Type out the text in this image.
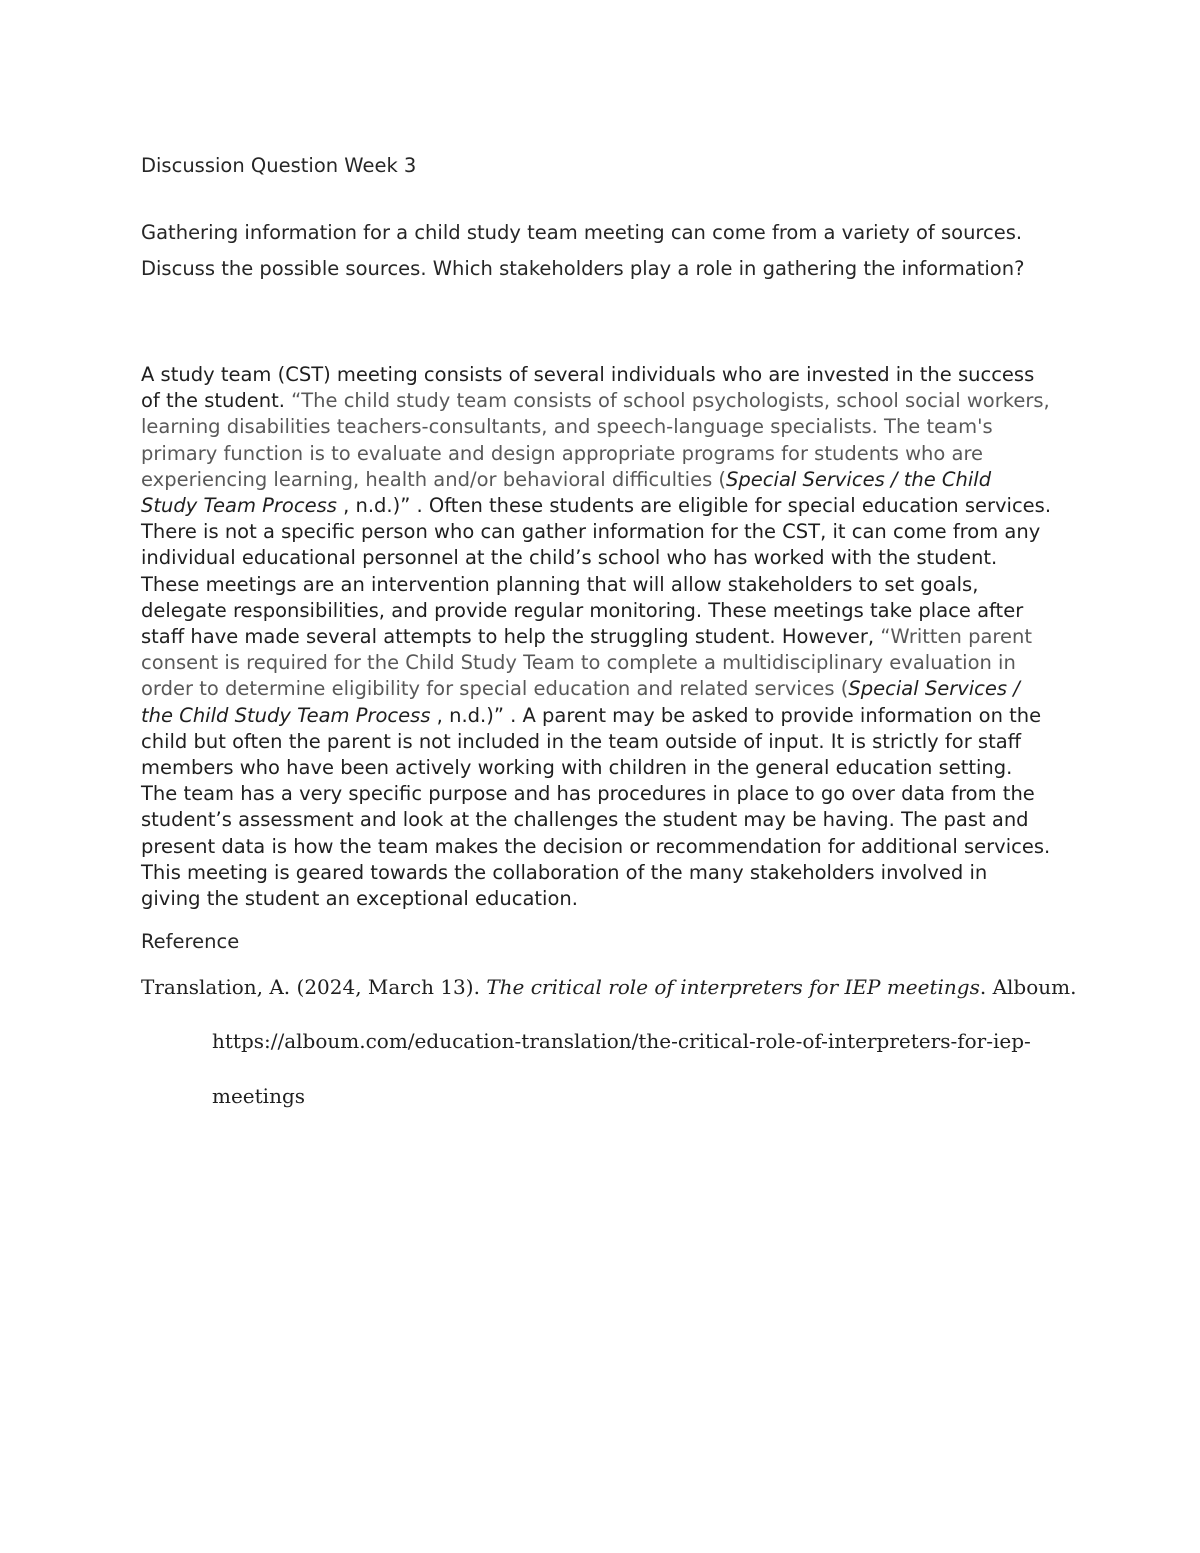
Discussion Question Week 3
Gathering information for a child study team meeting can come from a variety of sources.
Discuss the possible sources. Which stakeholders play a role in gathering the information?
A study team (CST) meeting consists of several individuals who are invested in the success
of the student. “The child study team consists of school psychologists, school social workers,
learning disabilities teachers-consultants, and speech-language specialists. The team's
primary function is to evaluate and design appropriate programs for students who are
experiencing learning, health and/or behavioral difficulties (Special Services / the Child
Study Team Process , n.d.)” . Often these students are eligible for special education services.
There is not a specific person who can gather information for the CST, it can come from any
individual educational personnel at the child’s school who has worked with the student.
These meetings are an intervention planning that will allow stakeholders to set goals,
delegate responsibilities, and provide regular monitoring. These meetings take place after
staff have made several attempts to help the struggling student. However, “Written parent
consent is required for the Child Study Team to complete a multidisciplinary evaluation in
order to determine eligibility for special education and related services (Special Services /
the Child Study Team Process , n.d.)” . A parent may be asked to provide information on the
child but often the parent is not included in the team outside of input. It is strictly for staff
members who have been actively working with children in the general education setting.
The team has a very specific purpose and has procedures in place to go over data from the
student’s assessment and look at the challenges the student may be having. The past and
present data is how the team makes the decision or recommendation for additional services.
This meeting is geared towards the collaboration of the many stakeholders involved in
giving the student an exceptional education.
Reference
Translation, A. (2024, March 13). The critical role of interpreters for IEP meetings. Alboum.
https://alboum.com/education-translation/the-critical-role-of-interpreters-for-iep-
meetings
